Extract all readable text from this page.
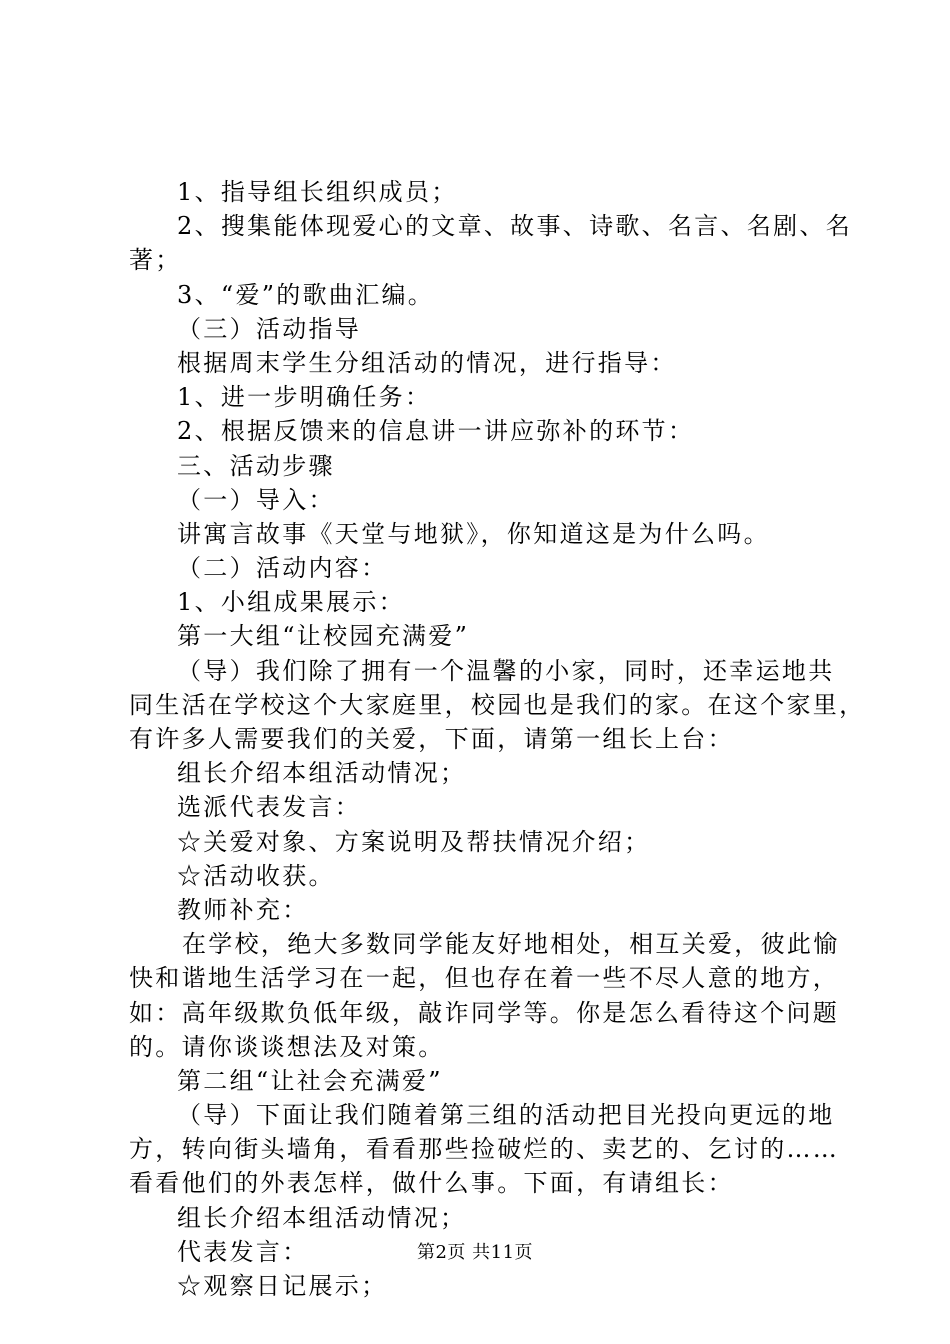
1、指导组长组织成员；
2、搜集能体现爱心的文章、故事、诗歌、名言、名剧、名
著；
3、“爱”的歌曲汇编。
（三）活动指导
根据周末学生分组活动的情况，进行指导：
1、进一步明确任务：
2、根据反馈来的信息讲一讲应弥补的环节：
三、活动步骤
（一）导入：
讲寓言故事《天堂与地狱》，你知道这是为什么吗。
（二）活动内容：
1、小组成果展示：
第一大组“让校园充满爱”
（导）我们除了拥有一个温馨的小家，同时，还幸运地共
同生活在学校这个大家庭里，校园也是我们的家。在这个家里，
有许多人需要我们的关爱，下面，请第一组长上台：
组长介绍本组活动情况；
选派代表发言：
☆关爱对象、方案说明及帮扶情况介绍；
☆活动收获。
教师补充：
在学校，绝大多数同学能友好地相处，相互关爱，彼此愉
快和谐地生活学习在一起，但也存在着一些不尽人意的地方，
如：高年级欺负低年级，敲诈同学等。你是怎么看待这个问题
的。请你谈谈想法及对策。
第二组“让社会充满爱”
（导）下面让我们随着第三组的活动把目光投向更远的地
方，转向街头墙角，看看那些捡破烂的、卖艺的、乞讨的……
看看他们的外表怎样，做什么事。下面，有请组长：
组长介绍本组活动情况；
代表发言：
☆观察日记展示；
第2页 共11页
